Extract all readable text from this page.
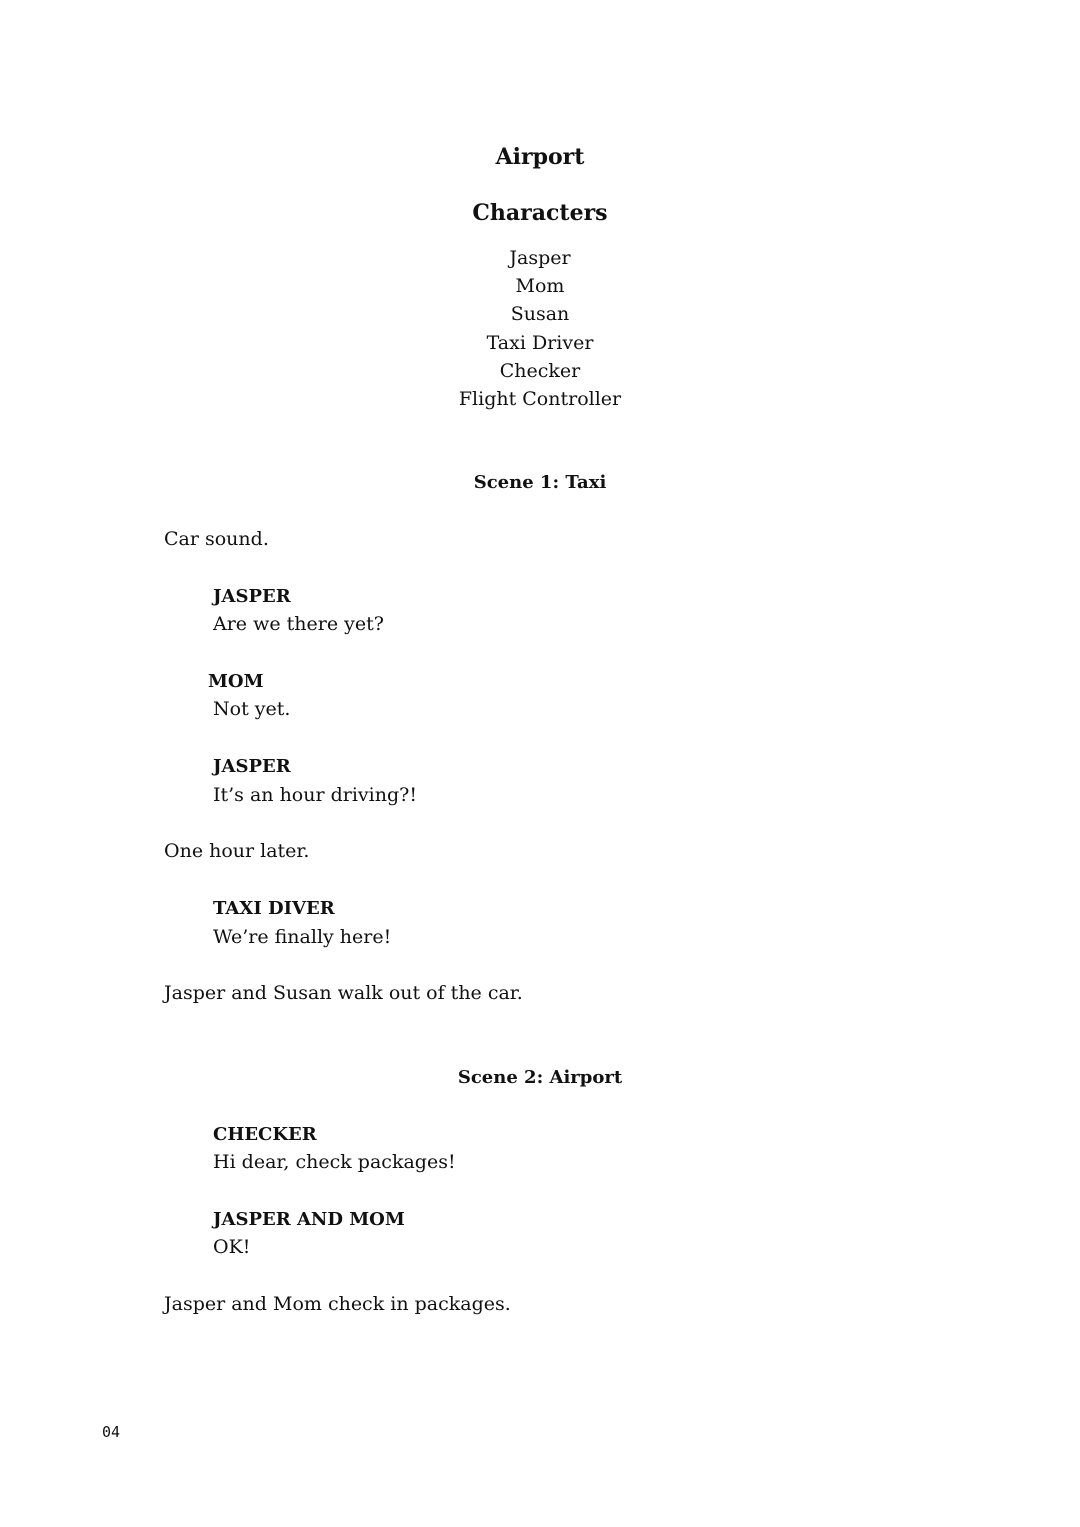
Airport
Characters
Jasper
Mom
Susan
Taxi Driver
Checker
Flight Controller
Scene 1: Taxi

Car sound.

JASPER

Are we there yet?

MOM

Not yet.

JASPER

It’s an hour driving?!

One hour later.

TAXI DIVER

We’re finally here!

Jasper and Susan walk out of the car.

Scene 2: Airport

CHECKER

Hi dear, check packages!

JASPER AND MOM

OK!

Jasper and Mom check in packages.

04
